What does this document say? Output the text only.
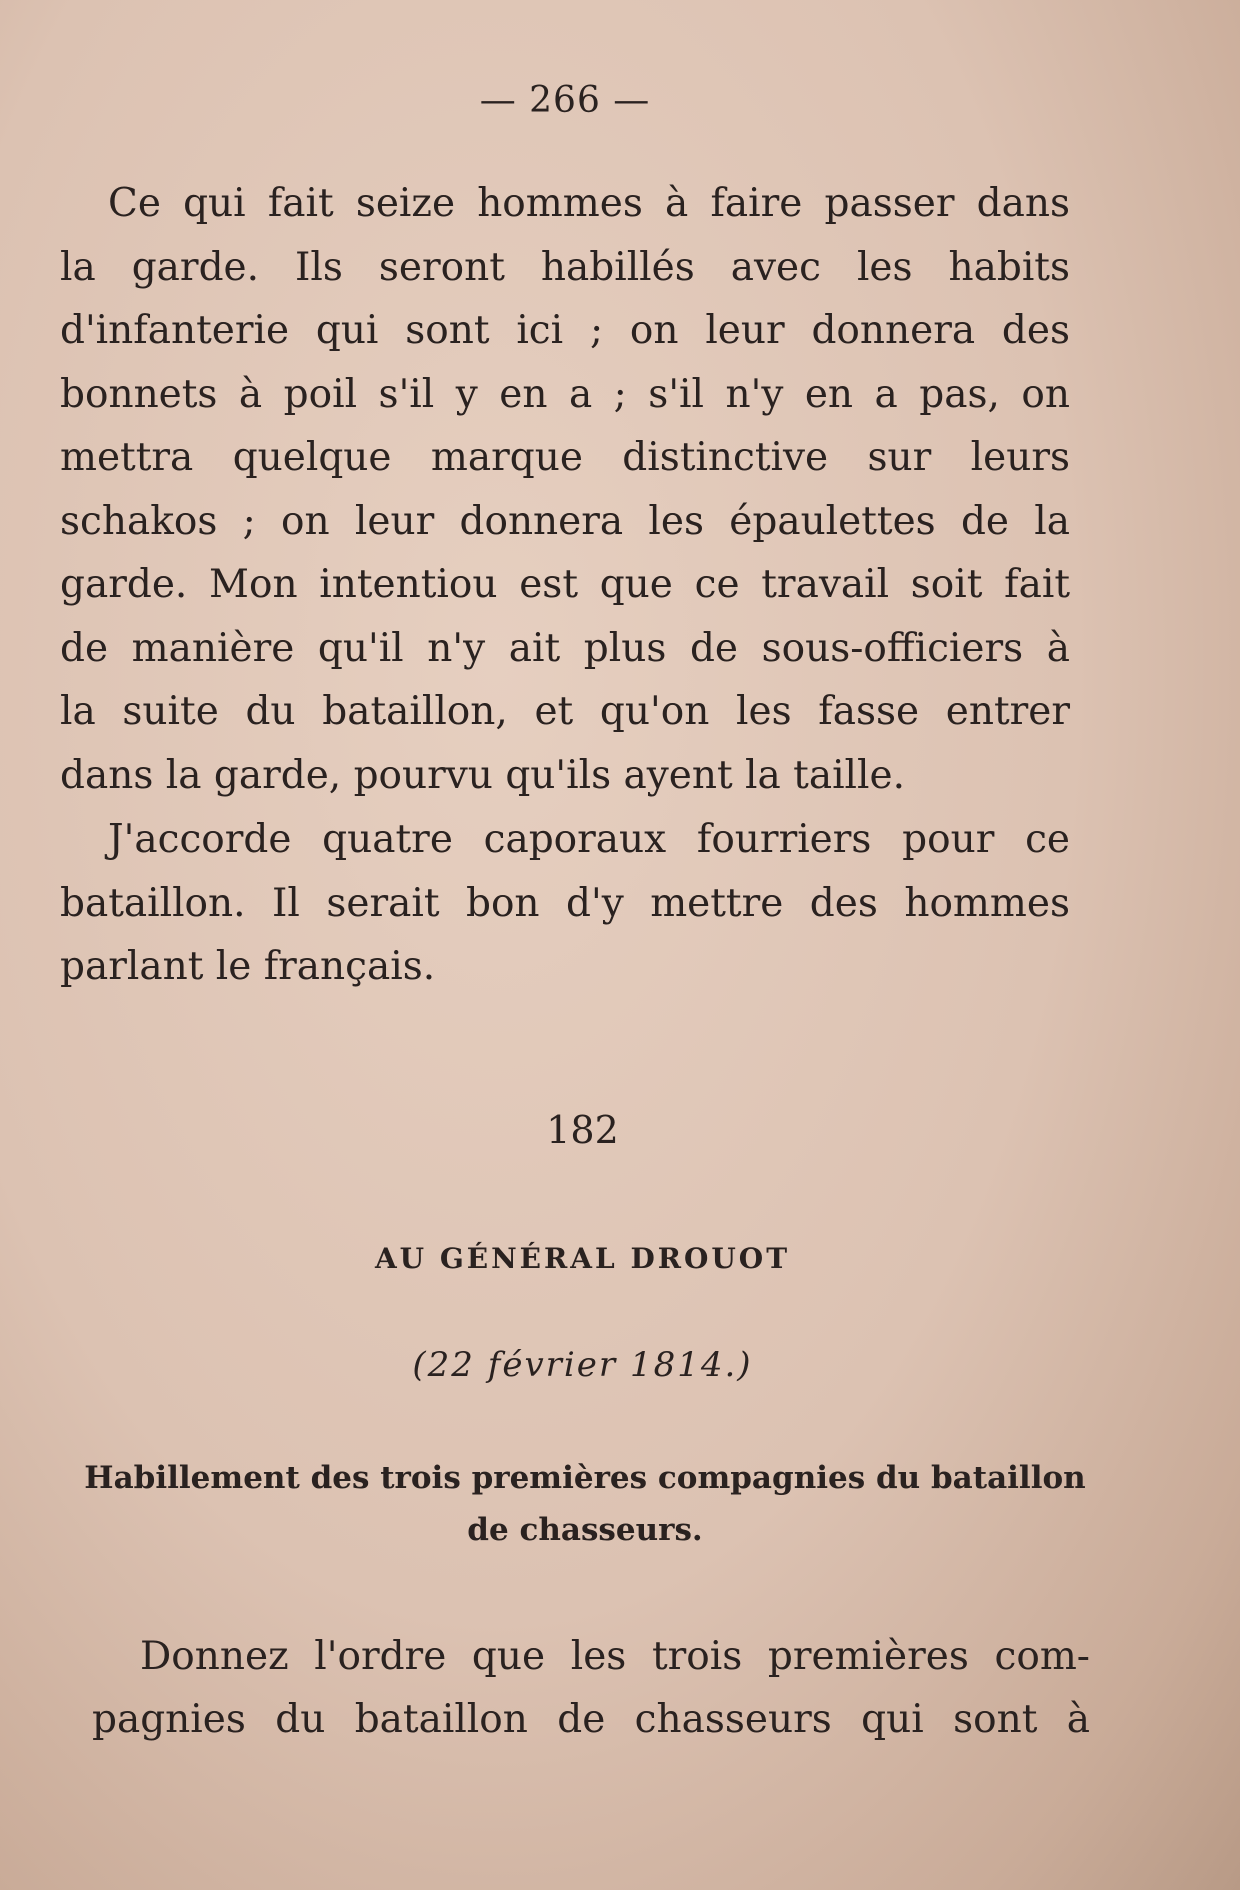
— 266 —
Ce qui fait seize hommes à faire passer dans
la garde. Ils seront habillés avec les habits
d'infanterie qui sont ici ; on leur donnera des
bonnets à poil s'il y en a ; s'il n'y en a pas, on
mettra quelque marque distinctive sur leurs
schakos ; on leur donnera les épaulettes de la
garde. Mon intentiou est que ce travail soit fait
de manière qu'il n'y ait plus de sous-officiers à
la suite du bataillon, et qu'on les fasse entrer
dans la garde, pourvu qu'ils ayent la taille.
J'accorde quatre caporaux fourriers pour ce
bataillon. Il serait bon d'y mettre des hommes
parlant le français.
182
AU GÉNÉRAL DROUOT
(22 février 1814.)
Habillement des trois premières compagnies du bataillon
de chasseurs.
Donnez l'ordre que les trois premières com-
pagnies du bataillon de chasseurs qui sont à
